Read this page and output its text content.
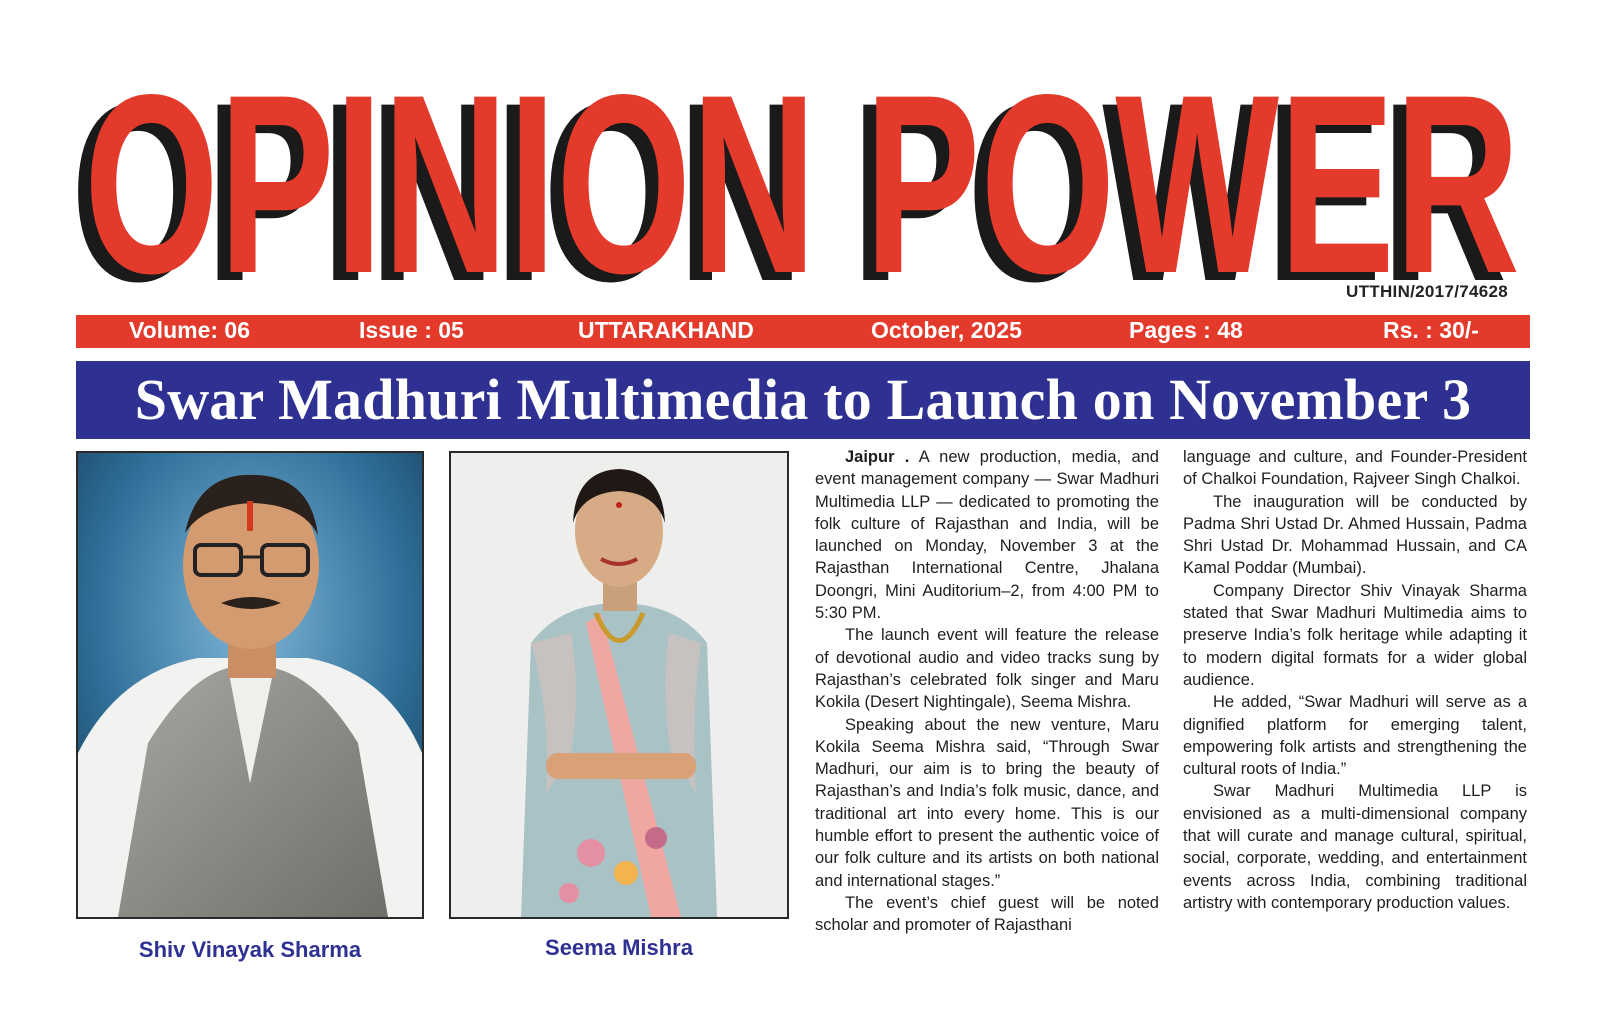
OPINION POWER
OPINION POWER
UTTHIN/2017/74628
Volume: 06	Issue : 05	UTTARAKHAND	October, 2025	Pages : 48	Rs. : 30/-
Swar Madhuri Multimedia to Launch on November 3
Shiv Vinayak Sharma	Seema Mishra

Jaipur . A new production, media, and event management company — Swar Madhuri Multimedia LLP — dedicated to promoting the folk culture of Rajasthan and India, will be launched on Monday, November 3 at the Rajasthan International Centre, Jhalana Doongri, Mini Auditorium–2, from 4:00 PM to 5:30 PM.

The launch event will feature the release of devotional audio and video tracks sung by Rajasthan’s celebrated folk singer and Maru Kokila (Desert Nightingale), Seema Mishra.

Speaking about the new venture, Maru Kokila Seema Mishra said, “Through Swar Madhuri, our aim is to bring the beauty of Rajasthan’s and India’s folk music, dance, and traditional art into every home. This is our humble effort to present the authentic voice of our folk culture and its artists on both national and international stages.”

The event’s chief guest will be noted scholar and promoter of Rajasthani

language and culture, and Founder-President of Chalkoi Foundation, Rajveer Singh Chalkoi.

The inauguration will be conducted by Padma Shri Ustad Dr. Ahmed Hussain, Padma Shri Ustad Dr. Mohammad Hussain, and CA Kamal Poddar (Mumbai).

Company Director Shiv Vinayak Sharma stated that Swar Madhuri Multimedia aims to preserve India’s folk heritage while adapting it to modern digital formats for a wider global audience.

He added, “Swar Madhuri will serve as a dignified platform for emerging talent, empowering folk artists and strengthening the cultural roots of India.”

Swar Madhuri Multimedia LLP is envisioned as a multi-dimensional company that will curate and manage cultural, spiritual, social, corporate, wedding, and entertainment events across India, combining traditional artistry with contemporary production values.
